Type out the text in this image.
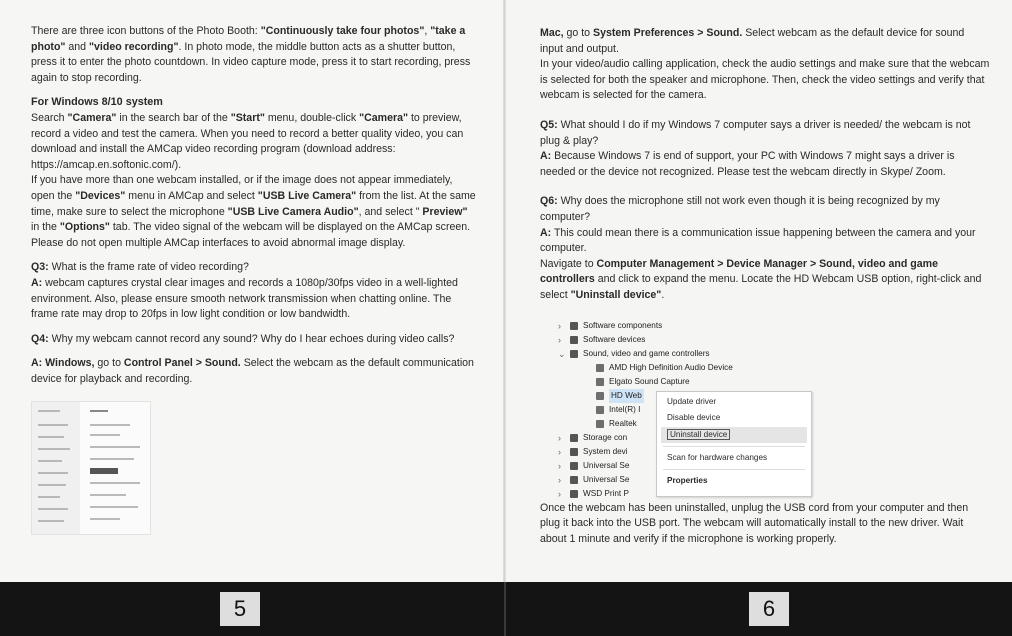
There are three icon buttons of the Photo Booth: "Continuously take four photos", "take a photo" and "video recording". In photo mode, the middle button acts as a shutter button, press it to enter the photo countdown. In video capture mode, press it to start recording, press again to stop recording.

For Windows 8/10 system

Search "Camera" in the search bar of the "Start" menu, double-click "Camera" to preview, record a video and test the camera. When you need to record a better quality video, you can download and install the AMCap video recording program (download address: https://amcap.en.softonic.com/).

If you have more than one webcam installed, or if the image does not appear immediately, open the "Devices" menu in AMCap and select "USB Live Camera" from the list. At the same time, make sure to select the microphone "USB Live Camera Audio", and select " Preview" in the "Options" tab. The video signal of the webcam will be displayed on the AMCap screen. Please do not open multiple AMCap interfaces to avoid abnormal image display.

Q3: What is the frame rate of video recording?

A: webcam captures crystal clear images and records a 1080p/30fps video in a well-lighted environment. Also, please ensure smooth network transmission when chatting online. The frame rate may drop to 20fps in low light condition or low bandwidth.

Q4: Why my webcam cannot record any sound? Why do I hear echoes during video calls?

A: Windows, go to Control Panel > Sound. Select the webcam as the default communication device for playback and recording.

Mac, go to System Preferences > Sound. Select webcam as the default device for sound input and output.

In your video/audio calling application, check the audio settings and make sure that the webcam is selected for both the speaker and microphone. Then, check the video settings and verify that webcam is selected for the camera.

Q5: What should I do if my Windows 7 computer says a driver is needed/ the webcam is not plug & play?

A: Because Windows 7 is end of support, your PC with Windows 7 might says a driver is needed or the device not recognized. Please test the webcam directly in Skype/ Zoom.

Q6: Why does the microphone still not work even though it is being recognized by my computer?

A: This could mean there is a communication issue happening between the camera and your computer.

Navigate to Computer Management > Device Manager > Sound, video and game controllers and click to expand the menu. Locate the HD Webcam USB option, right-click and select "Uninstall device".

›	Software components
›	Software devices
⌄	Sound, video and game controllers
AMD High Definition Audio Device
Elgato Sound Capture
HD Web
Intel(R) I
Realtek
›	Storage con
›	System devi
›	Universal Se
›	Universal Se
›	WSD Print P
Update driver
Disable device
Uninstall device
Scan for hardware changes
Properties

Once the webcam has been uninstalled, unplug the USB cord from your computer and then plug it back into the USB port. The webcam will automatically install to the new driver. Wait about 1 minute and verify if the microphone is working properly.

5	6
